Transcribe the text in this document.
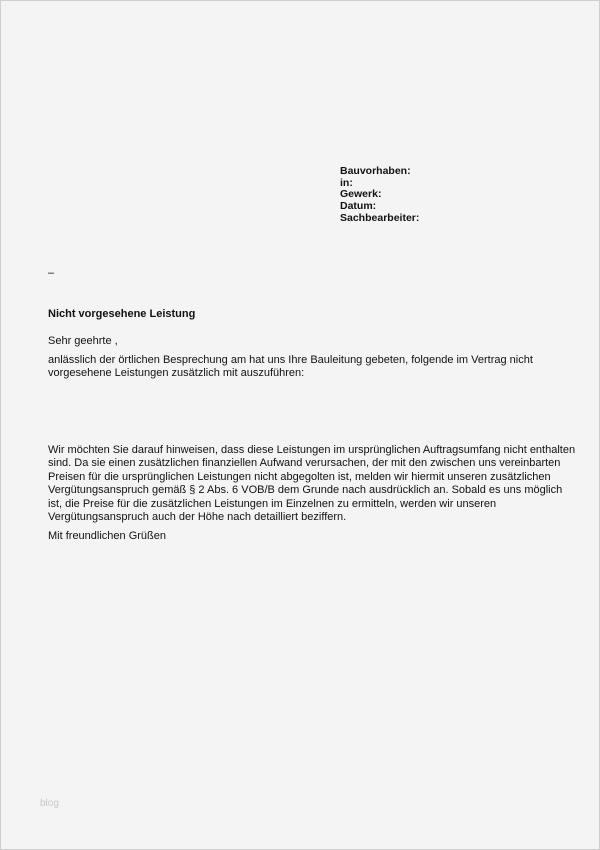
Bauvorhaben:
in:
Gewerk:
Datum:
Sachbearbeiter:
–
Nicht vorgesehene Leistung
Sehr geehrte ,
anlässlich der örtlichen Besprechung am hat uns Ihre Bauleitung gebeten, folgende im Vertrag nicht
vorgesehene Leistungen zusätzlich mit auszuführen:
Wir möchten Sie darauf hinweisen, dass diese Leistungen im ursprünglichen Auftragsumfang nicht enthalten
sind. Da sie einen zusätzlichen finanziellen Aufwand verursachen, der mit den zwischen uns vereinbarten
Preisen für die ursprünglichen Leistungen nicht abgegolten ist, melden wir hiermit unseren zusätzlichen
Vergütungsanspruch gemäß § 2 Abs. 6 VOB/B dem Grunde nach ausdrücklich an. Sobald es uns möglich
ist, die Preise für die zusätzlichen Leistungen im Einzelnen zu ermitteln, werden wir unseren
Vergütungsanspruch auch der Höhe nach detailliert beziffern.
Mit freundlichen Grüßen
blog
